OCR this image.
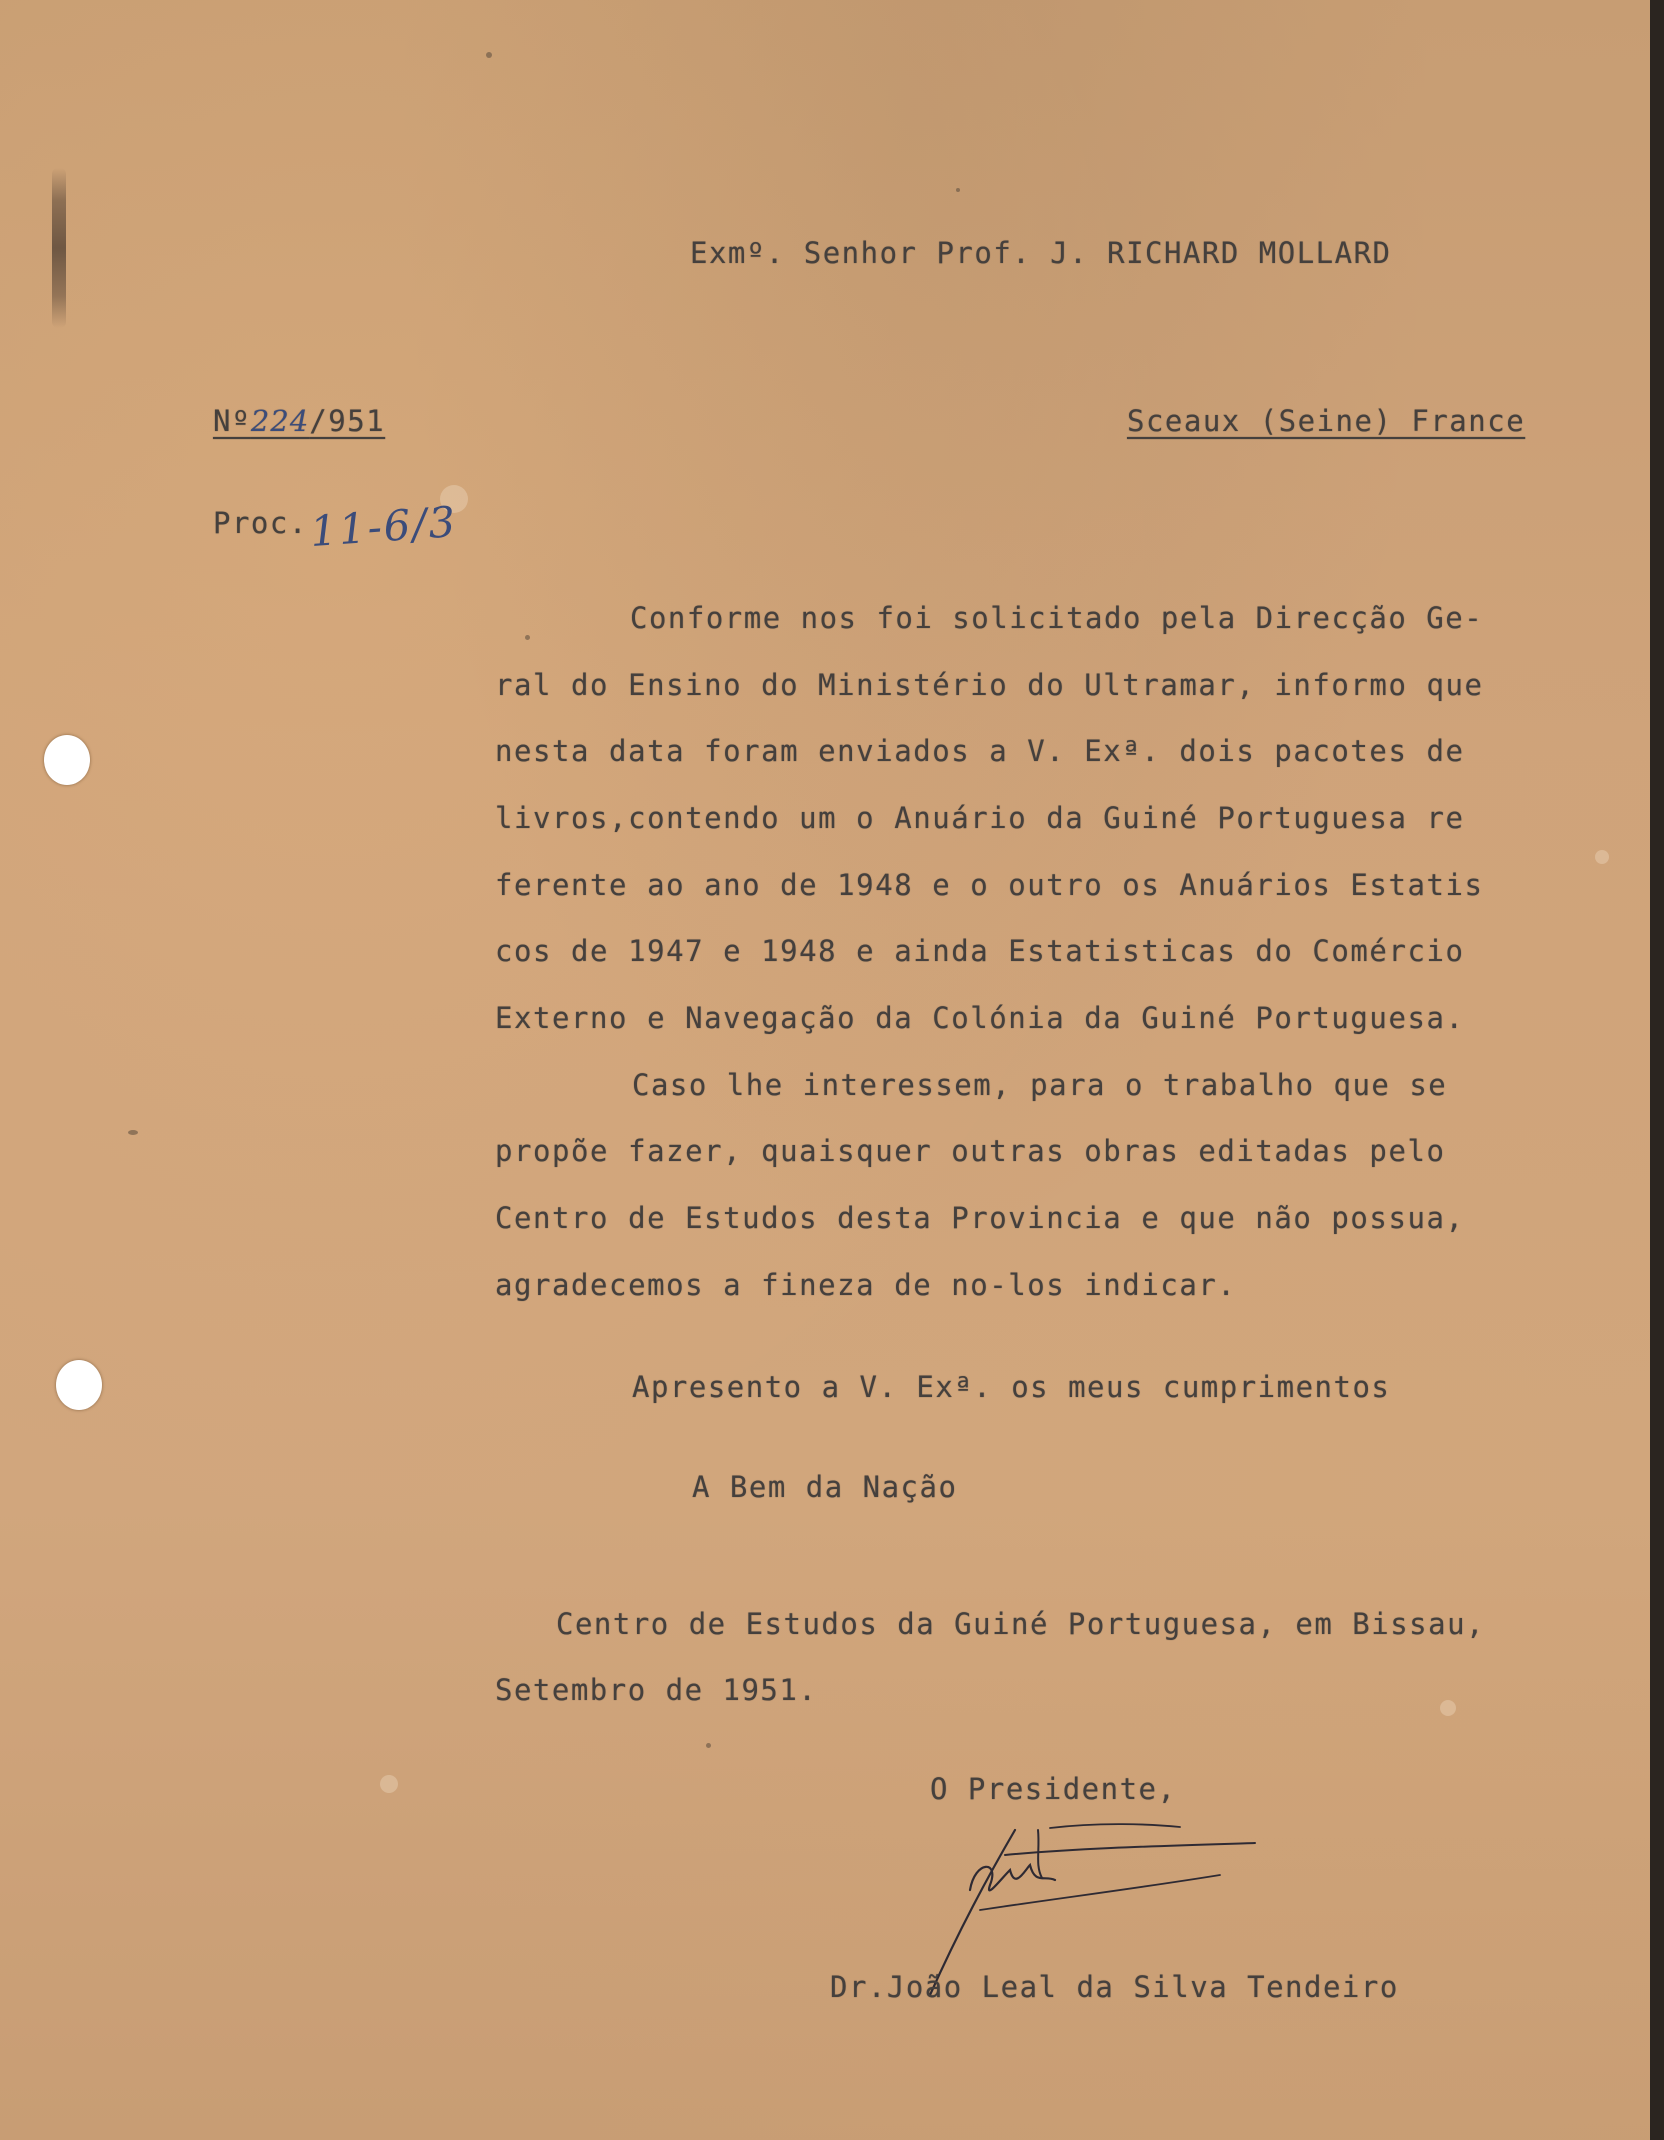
Exmº. Senhor Prof. J. RICHARD MOLLARD

Nº224/951	Sceaux (Seine) France

Proc. 11-6/3

Conforme nos foi solicitado pela Direcção Ge-

ral do Ensino do Ministério do Ultramar, informo que

nesta data foram enviados a V. Exª. dois pacotes de

livros,contendo um o Anuário da Guiné Portuguesa re

ferente ao ano de 1948 e o outro os Anuários Estatis

cos de 1947 e 1948 e ainda Estatisticas do Comércio

Externo e Navegação da Colónia da Guiné Portuguesa.

Caso lhe interessem, para o trabalho que se

propõe fazer, quaisquer outras obras editadas pelo

Centro de Estudos desta Provincia e que não possua,

agradecemos a fineza de no-los indicar.

Apresento a V. Exª. os meus cumprimentos

A Bem da Nação

Centro de Estudos da Guiné Portuguesa, em Bissau,

Setembro de 1951.

O Presidente,

Dr.João Leal da Silva Tendeiro
